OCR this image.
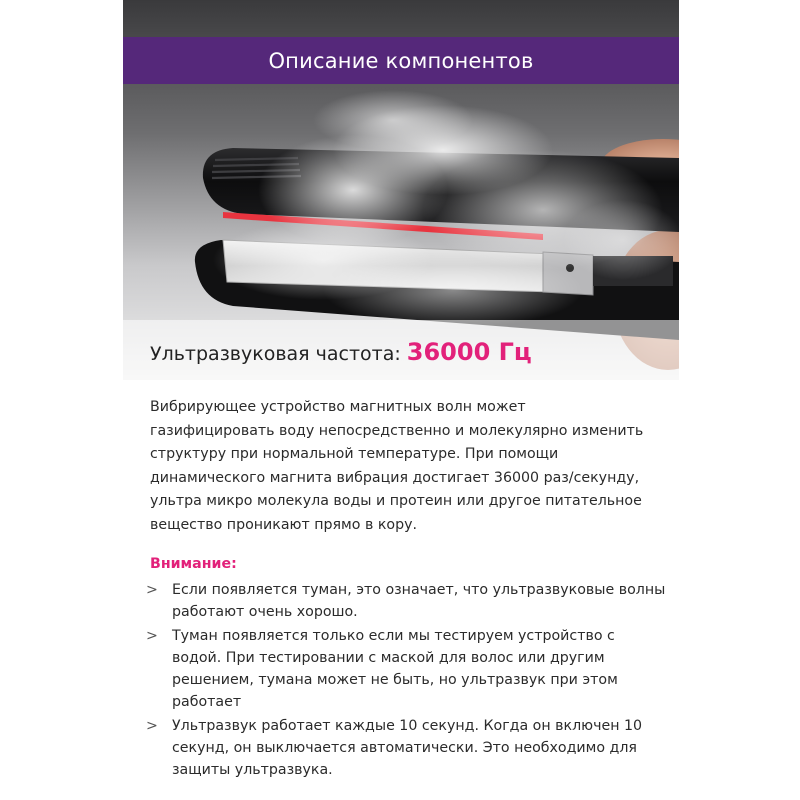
Описание компонентов
Ультразвуковая частота: 36000 Гц

Вибрирующее устройство магнитных волн может газифицировать воду непосредственно и молекулярно изменить структуру при нормальной температуре. При помощи динамического магнита вибрация достигает 36000 раз/секунду, ультра микро молекула воды и протеин или другое питательное вещество проникают прямо в кору.

Внимание:
> Если появляется туман, это означает, что ультразвуковые волны работают очень хорошо.
> Туман появляется только если мы тестируем устройство с водой. При тестировании с маской для волос или другим решением, тумана может не быть, но ультразвук при этом работает
> Ультразвук работает каждые 10 секунд. Когда он включен 10 секунд, он выключается автоматически. Это необходимо для защиты ультразвука.
